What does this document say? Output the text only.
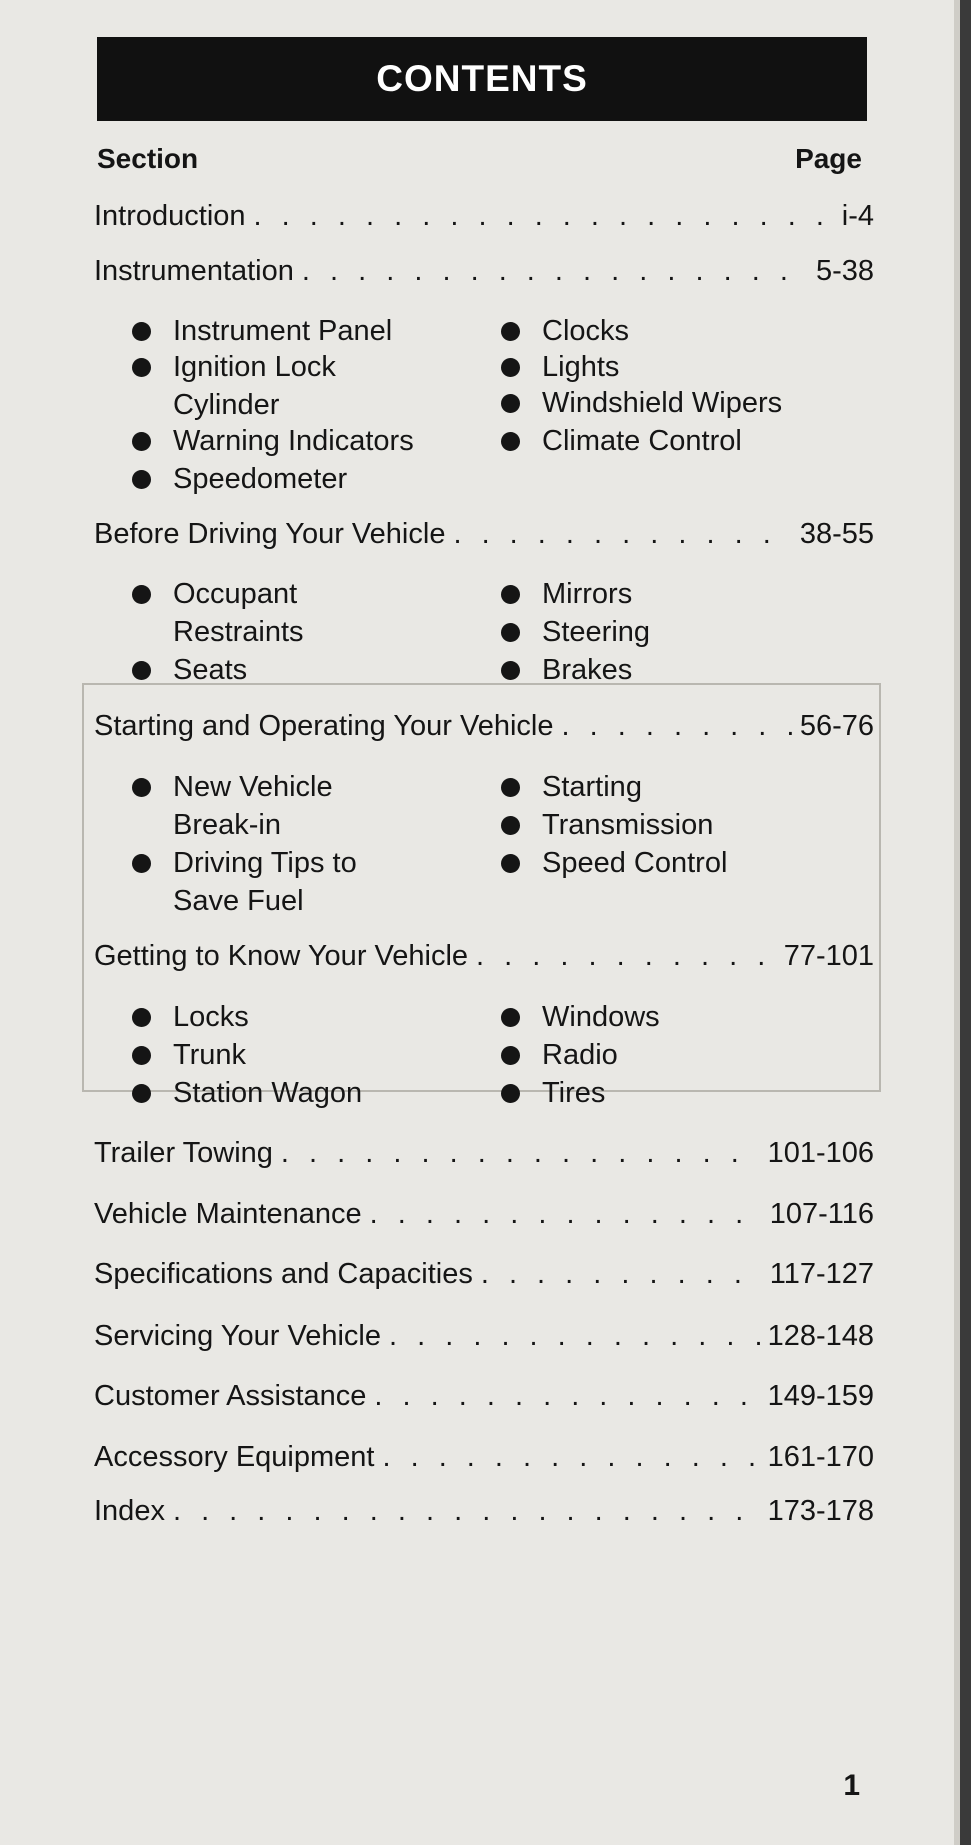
CONTENTS
Section	Page
Introduction . . .	i-4
Instrumentation . . .	5-38
Instrument Panel
Ignition Lock
Cylinder
Warning Indicators
Speedometer
Clocks
Lights
Windshield Wipers
Climate Control
Before Driving Your Vehicle . . .	38-55
Occupant
Restraints
Seats
Mirrors
Steering
Brakes
Starting and Operating Your Vehicle . . .	56-76
New Vehicle
Break-in
Driving Tips to
Save Fuel
Starting
Transmission
Speed Control
Getting to Know Your Vehicle . . .	77-101
Locks
Trunk
Station Wagon
Windows
Radio
Tires
Trailer Towing . . .	101-106
Vehicle Maintenance . . .	107-116
Specifications and Capacities . . .	117-127
Servicing Your Vehicle . . .	128-148
Customer Assistance . . .	149-159
Accessory Equipment . . .	161-170
Index . . .	173-178
1
